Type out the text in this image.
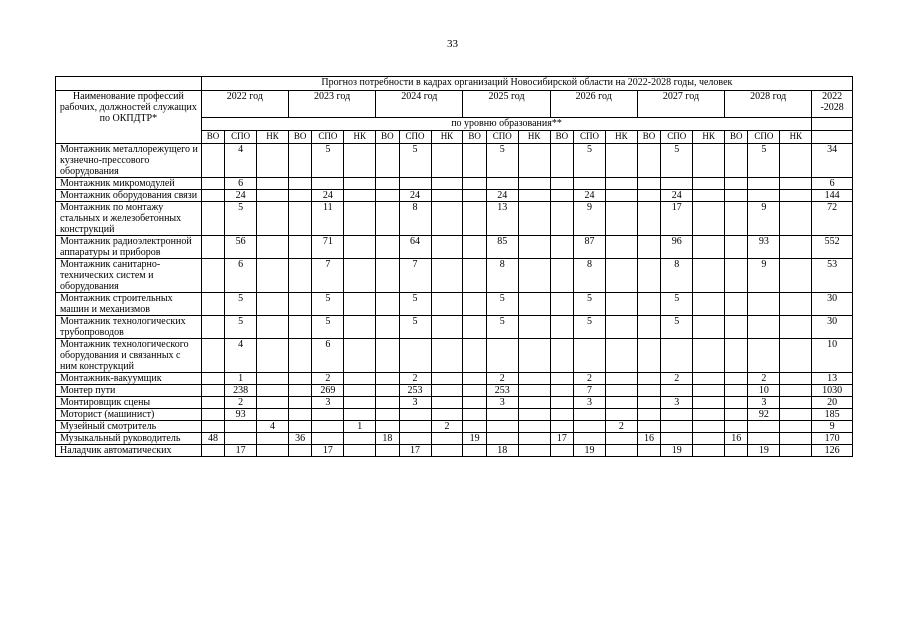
33
	Прогноз потребности в кадрах организаций Новосибирской области на 2022-2028 годы, человек																					
Наименование профессий рабочих, должностей служащих по ОКПДТР*	2022 год			2023 год			2024 год			2025 год			2026 год			2027 год			2028 год			2022 -2028
	по уровню образования**																					
	ВО	СПО	НК	ВО	СПО	НК	ВО	СПО	НК	ВО	СПО	НК	ВО	СПО	НК	ВО	СПО	НК	ВО	СПО	НК	
Монтажник металлорежущего и кузнечно-прессового оборудования		4			5			5			5			5			5			5		34
Монтажник микромодулей		6																				6
Монтажник оборудования связи		24			24			24			24			24			24					144
Монтажник по монтажу стальных и железобетонных конструкций		5			11			8			13			9			17			9		72
Монтажник радиоэлектронной аппаратуры и приборов		56			71			64			85			87			96			93		552
Монтажник санитарно-технических систем и оборудования		6			7			7			8			8			8			9		53
Монтажник строительных машин и механизмов		5			5			5			5			5			5					30
Монтажник технологических трубопроводов		5			5			5			5			5			5					30
Монтажник технологического оборудования и связанных с ним конструкций		4			6																	10
Монтажник-вакуумщик		1			2			2			2			2			2			2		13
Монтер пути		238			269			253			253			7						10		1030
Монтировщик сцены		2			3			3			3			3			3			3		20
Моторист (машинист)		93																		92		185
Музейный смотритель			4			1			2						2							9
Музыкальный руководитель	48			36			18			19			17			16			16			170
Наладчик автоматических		17			17			17			18			19			19			19		126
